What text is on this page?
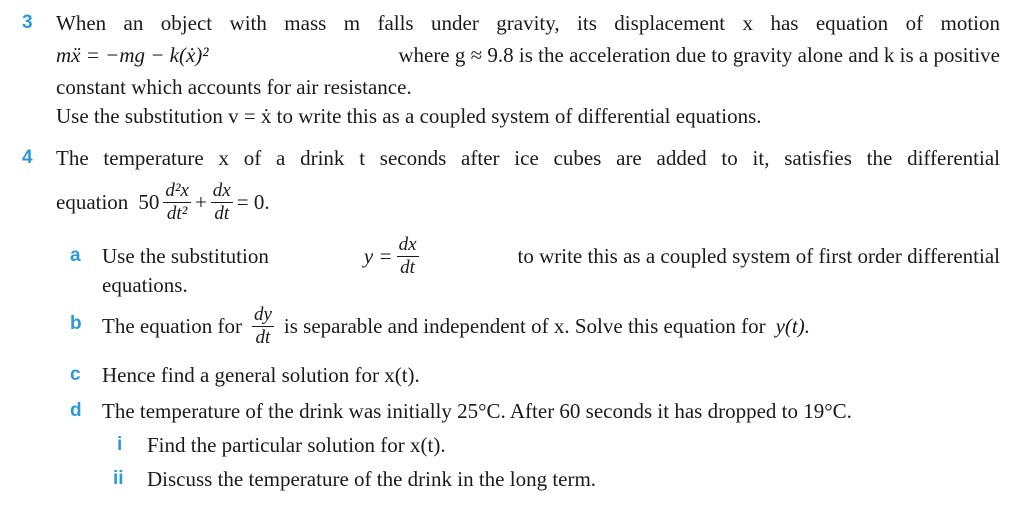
3 When an object with mass m falls under gravity, its displacement x has equation of motion
mẍ = −mg − k(ẋ)²	where g ≈ 9.8 is the acceleration due to gravity alone and k is a positive
constant which accounts for air resistance.
Use the substitution v = ẋ to write this as a coupled system of differential equations.
4 The temperature x of a drink t seconds after ice cubes are added to it, satisfies the differential
equation $50 \frac{\text{d²x}}{\text{dt²}} + \frac{dx}{dt} = 0$.
a Use the substitution	$y = \frac{dx}{dt}$	to write this as a coupled system of first order differential
equations.
b The equation for $\frac{dy}{dt}$ is separable and independent of x. Solve this equation for y(t).
c Hence find a general solution for x(t).
d The temperature of the drink was initially 25°C. After 60 seconds it has dropped to 19°C.
i Find the particular solution for x(t).
ii Discuss the temperature of the drink in the long term.
